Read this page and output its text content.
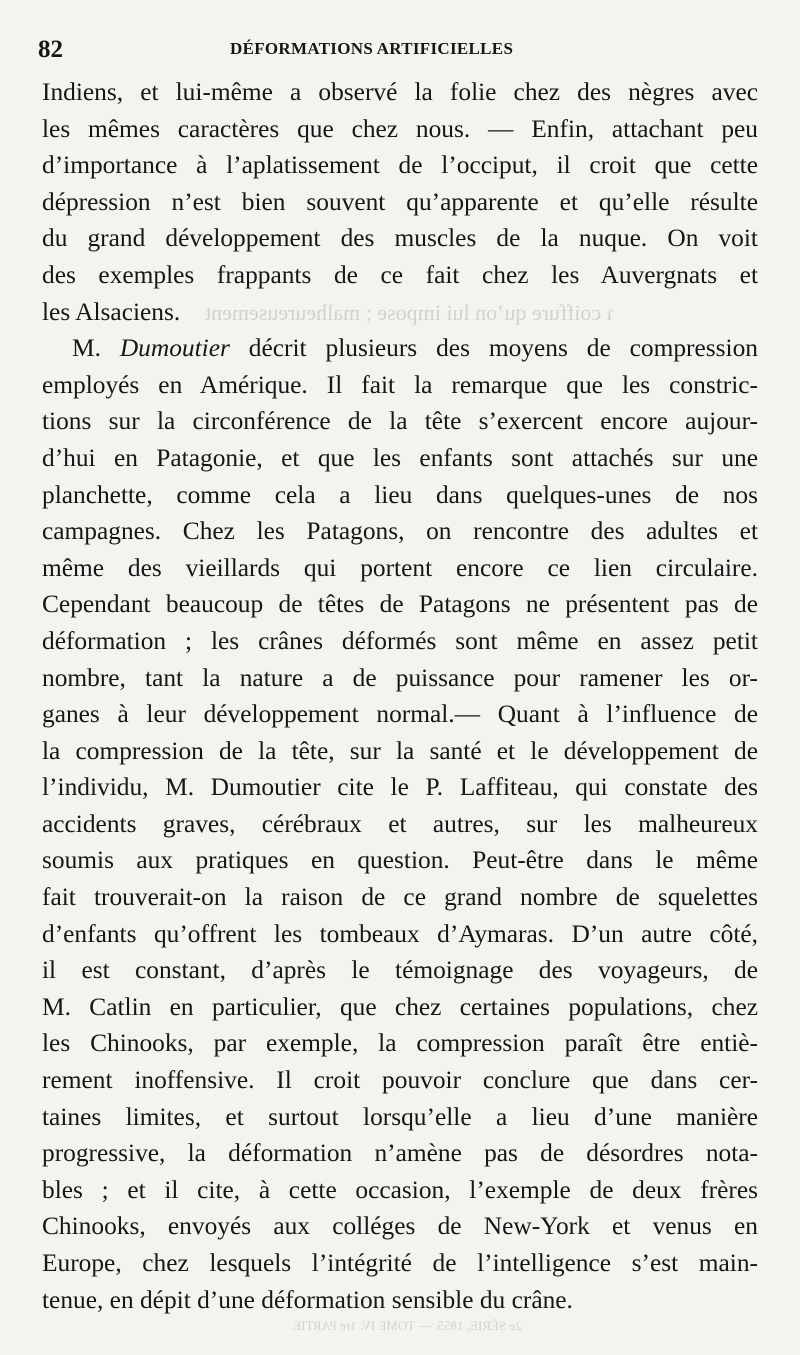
82	DÉFORMATIONS ARTIFICIELLES
ɿ coiffure qu’on lui impose ; malheureusement
2e SÉRIE, 1855. — TOME IV. 1re PARTIE.
Indiens, et lui-même a observé la folie chez des nègres avec
les mêmes caractères que chez nous. — Enfin, attachant peu
d’importance à l’aplatissement de l’occiput, il croit que cette
dépression n’est bien souvent qu’apparente et qu’elle résulte
du grand développement des muscles de la nuque. On voit
des exemples frappants de ce fait chez les Auvergnats et
les Alsaciens.
M. Dumoutier décrit plusieurs des moyens de compression
employés en Amérique. Il fait la remarque que les constric-
tions sur la circonférence de la tête s’exercent encore aujour-
d’hui en Patagonie, et que les enfants sont attachés sur une
planchette, comme cela a lieu dans quelques-unes de nos
campagnes. Chez les Patagons, on rencontre des adultes et
même des vieillards qui portent encore ce lien circulaire.
Cependant beaucoup de têtes de Patagons ne présentent pas de
déformation ; les crânes déformés sont même en assez petit
nombre, tant la nature a de puissance pour ramener les or-
ganes à leur développement normal.— Quant à l’influence de
la compression de la tête, sur la santé et le développement de
l’individu, M. Dumoutier cite le P. Laffiteau, qui constate des
accidents graves, cérébraux et autres, sur les malheureux
soumis aux pratiques en question. Peut-être dans le même
fait trouverait-on la raison de ce grand nombre de squelettes
d’enfants qu’offrent les tombeaux d’Aymaras. D’un autre côté,
il est constant, d’après le témoignage des voyageurs, de
M. Catlin en particulier, que chez certaines populations, chez
les Chinooks, par exemple, la compression paraît être entiè-
rement inoffensive. Il croit pouvoir conclure que dans cer-
taines limites, et surtout lorsqu’elle a lieu d’une manière
progressive, la déformation n’amène pas de désordres nota-
bles ; et il cite, à cette occasion, l’exemple de deux frères
Chinooks, envoyés aux colléges de New-York et venus en
Europe, chez lesquels l’intégrité de l’intelligence s’est main-
tenue, en dépit d’une déformation sensible du crâne.
